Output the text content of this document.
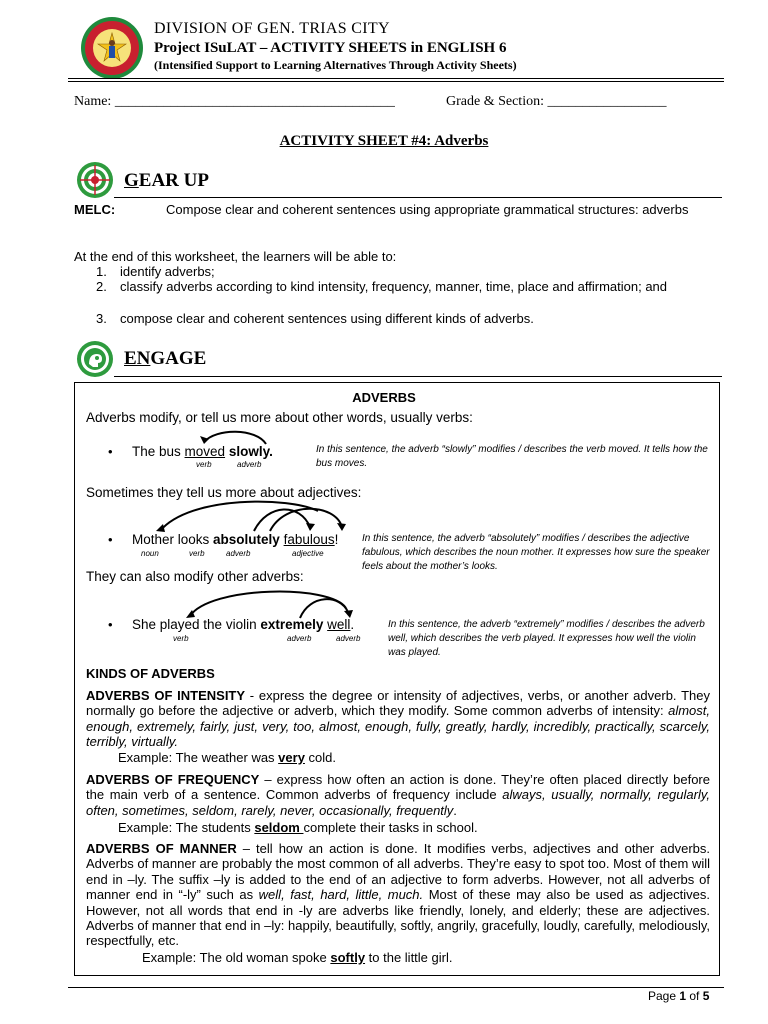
DIVISION OF GEN. TRIAS CITY
Project ISuLAT – ACTIVITY SHEETS in ENGLISH 6
(Intensified Support to Learning Alternatives Through Activity Sheets)
Name: ________________________________________	Grade & Section: _________________
ACTIVITY SHEET #4: Adverbs
GEAR UP
MELC:	Compose clear and coherent sentences using appropriate grammatical structures: adverbs
At the end of this worksheet, the learners will be able to:
1. identify adverbs;
2. classify adverbs according to kind intensity, frequency, manner, time, place and affirmation; and
3. compose clear and coherent sentences using different kinds of adverbs.
ENGAGE
ADVERBS
Adverbs modify, or tell us more about other words, usually verbs:
• The bus moved slowly.
verb	adverb
In this sentence, the adverb “slowly” modifies / describes the verb moved. It tells how the bus moves.
Sometimes they tell us more about adjectives:
• Mother looks absolutely fabulous!
noun	verb	adverb	adjective
In this sentence, the adverb “absolutely” modifies / describes the adjective fabulous, which describes the noun mother. It expresses how sure the speaker feels about the mother’s looks.
They can also modify other adverbs:
• She played the violin extremely well.
verb	adverb	adverb
In this sentence, the adverb “extremely” modifies / describes the adverb well, which describes the verb played. It expresses how well the violin was played.
KINDS OF ADVERBS
ADVERBS OF INTENSITY - express the degree or intensity of adjectives, verbs, or another adverb. They normally go before the adjective or adverb, which they modify. Some common adverbs of intensity: almost, enough, extremely, fairly, just, very, too, almost, enough, fully, greatly, hardly, incredibly, practically, scarcely, terribly, virtually.
Example: The weather was very cold.
ADVERBS OF FREQUENCY – express how often an action is done. They’re often placed directly before the main verb of a sentence. Common adverbs of frequency include always, usually, normally, regularly, often, sometimes, seldom, rarely, never, occasionally, frequently.
Example: The students seldom complete their tasks in school.
ADVERBS OF MANNER – tell how an action is done. It modifies verbs, adjectives and other adverbs. Adverbs of manner are probably the most common of all adverbs. They’re easy to spot too. Most of them will end in –ly. The suffix –ly is added to the end of an adjective to form adverbs. However, not all adverbs of manner end in “-ly” such as well, fast, hard, little, much. Most of these may also be used as adjectives. However, not all words that end in -ly are adverbs like friendly, lonely, and elderly; these are adjectives. Adverbs of manner that end in –ly: happily, beautifully, softly, angrily, gracefully, loudly, carefully, melodiously, respectfully, etc.
Example: The old woman spoke softly to the little girl.
Page 1 of 5
